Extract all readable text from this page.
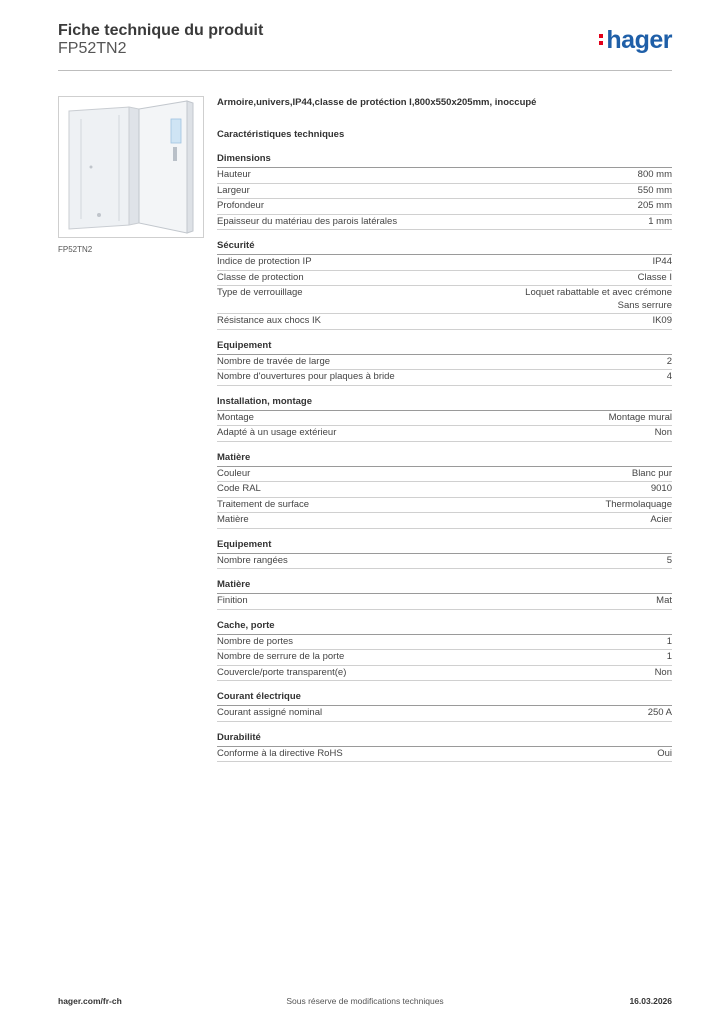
Fiche technique du produit
FP52TN2	hager
FP52TN2
Armoire,univers,IP44,classe de protéction I,800x550x205mm, inoccupé
Caractéristiques techniques
Dimensions
Hauteur	800 mm
Largeur	550 mm
Profondeur	205 mm
Epaisseur du matériau des parois latérales	1 mm
Sécurité
Indice de protection IP	IP44
Classe de protection	Classe I
Type de verrouillage	Loquet rabattable et avec crémone
Sans serrure
Résistance aux chocs IK	IK09
Equipement
Nombre de travée de large	2
Nombre d'ouvertures pour plaques à bride	4
Installation, montage
Montage	Montage mural
Adapté à un usage extérieur	Non
Matière
Couleur	Blanc pur
Code RAL	9010
Traitement de surface	Thermolaquage
Matière	Acier
Equipement
Nombre rangées	5
Matière
Finition	Mat
Cache, porte
Nombre de portes	1
Nombre de serrure de la porte	1
Couvercle/porte transparent(e)	Non
Courant électrique
Courant assigné nominal	250 A
Durabilité
Conforme à la directive RoHS	Oui
hager.com/fr-ch	Sous réserve de modifications techniques	16.03.2026
